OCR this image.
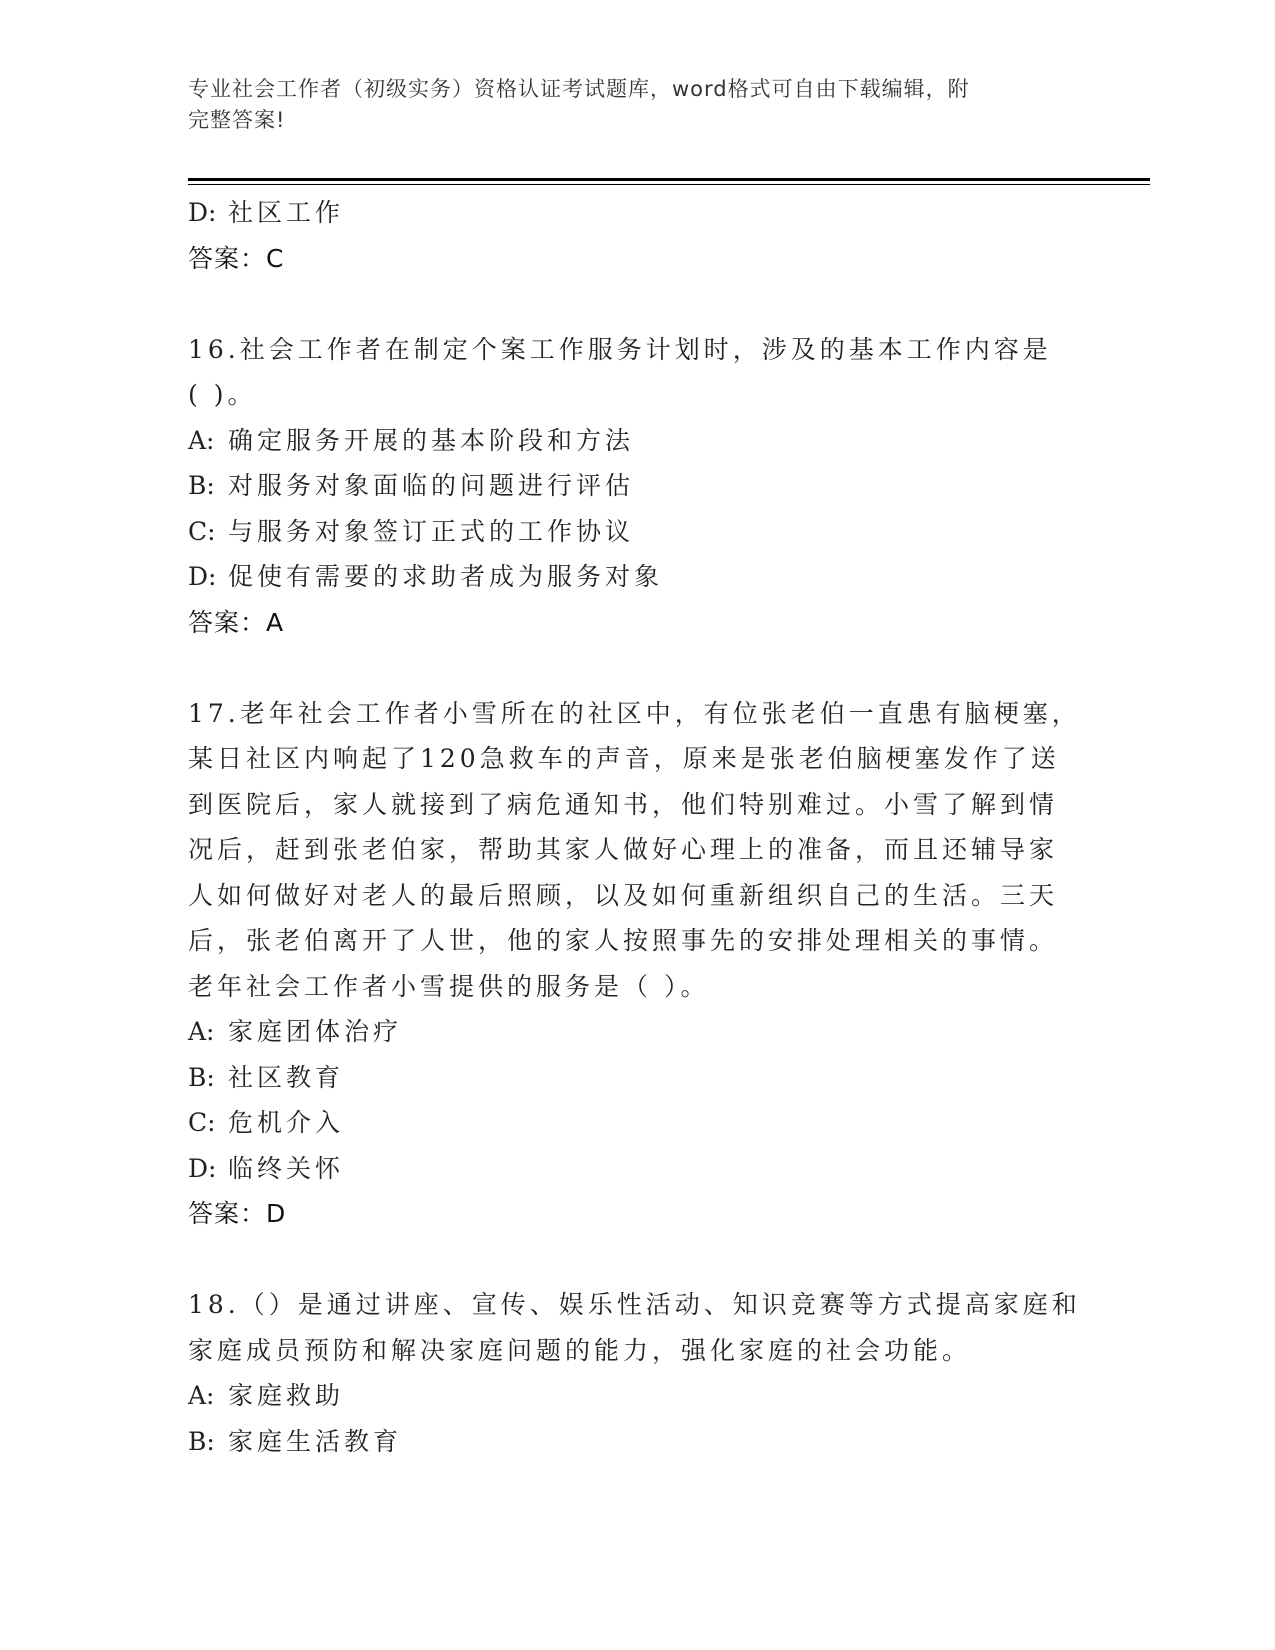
专业社会工作者（初级实务）资格认证考试题库，word格式可自由下载编辑，附
完整答案!
D: 社区工作
答案：C
16.社会工作者在制定个案工作服务计划时，涉及的基本工作内容是
( )。
A: 确定服务开展的基本阶段和方法
B: 对服务对象面临的问题进行评估
C: 与服务对象签订正式的工作协议
D: 促使有需要的求助者成为服务对象
答案：A
17.老年社会工作者小雪所在的社区中，有位张老伯一直患有脑梗塞，
某日社区内响起了120急救车的声音，原来是张老伯脑梗塞发作了送
到医院后，家人就接到了病危通知书，他们特别难过。小雪了解到情
况后，赶到张老伯家，帮助其家人做好心理上的准备，而且还辅导家
人如何做好对老人的最后照顾，以及如何重新组织自己的生活。三天
后，张老伯离开了人世，他的家人按照事先的安排处理相关的事情。
老年社会工作者小雪提供的服务是（ ）。
A: 家庭团体治疗
B: 社区教育
C: 危机介入
D: 临终关怀
答案：D
18.（）是通过讲座、宣传、娱乐性活动、知识竞赛等方式提高家庭和
家庭成员预防和解决家庭问题的能力，强化家庭的社会功能。
A: 家庭救助
B: 家庭生活教育
